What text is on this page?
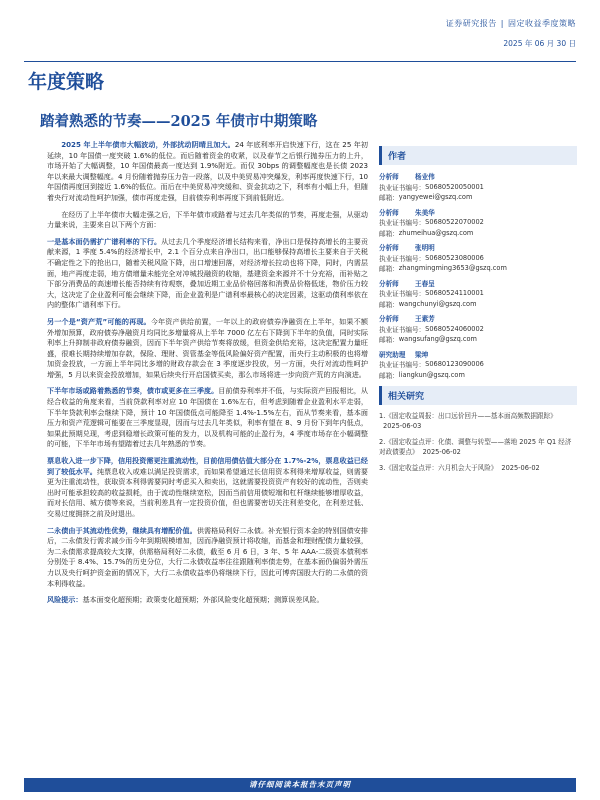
证券研究报告 | 固定收益季度策略
2025 年 06 月 30 日
年度策略
踏着熟悉的节奏——2025 年债市中期策略

2025 年上半年债市大幅波动，外部扰动阴晴且加大。24 年底利率开启快速下行，这在 25 年初延续，10 年国债一度突破 1.6%的低位。而后随着资金的收紧，以及春节之后银行抛券压力的上升，市场开始了大幅调整，10 年国债最高一度达到 1.9%附近。而仅 30bps 的调整幅度也是长债 2023 年以来最大调整幅度。4 月份随着抛券压力告一段落，以及中美贸易冲突爆发，利率再度快速下行，10 年国债再度回到接近 1.6%的低位。而后在中美贸易冲突缓和、资金抗动之下，利率有小幅上升，但随着央行对流动性呵护加强，债市再度走强，目前债券利率再度下到前低附近。

在经历了上半年债市大幅走强之后，下半年债市或路着与过去几年类似的节奏，再度走强，从驱动力量来说，主要来自以下两个方面：

一是基本面仍需扩广谱利率的下行。从过去几个季度经济增长结构来看，净出口是保持高增长的主要贡献来源，1 季度 5.4%的经济增长中，2.1 个百分点来自净出口，出口能够保持高增长主要来自于关税不确定性之下的抢出口，随着关税风险下降，出口增速回落，对经济增长拉动也将下降，同时，内需层面，地产再度走弱，地方债增量未能完全对冲城投融资的收缩，基建资金来源并不十分充裕，而补贴之下部分消费品的高速增长能否持续有待观察，叠加近期工业品价格回落和消费品价格低迷，物价压力较大，这决定了企业盈利可能会继续下降，而企业盈利是广谱利率最核心的决定因素，这驱动债利率依在内的整体广谱利率下行。

另一个是“资产荒”可能的再现。今年资产供给前置，一年以上的政府债券净融资在上半年，如果不额外增加预算，政府债券净融资月均同比多增量将从上半年 7000 亿左右下降到下半年的负值，同时实际利率上升抑制非政府债券融资，因而下半年资产供给节奏将放缓，但资金供给充裕，这决定配置力量旺盛，很难长期持续增加存款，保险、理财、资管基金等低风险偏好资产配置，而央行主动积极的也将增加资金投放，一方面上半年同比多增的财政存款会在 3 季度逐步投放，另一方面，央行对流动性呵护增强，5 月以来资金投放增加，如果后续央行开启国债买卖，那么市场将进一步向资产荒的方向演进。

下半年市场或路着熟悉的节奏，债市或更多在三季度。目前债券利率并不低，与实际资产回报相比，从经合收益的角度来看，当前贷款利率对应 10 年国债在 1.6%左右，但考虑到随着企业盈利水平走弱，下半年贷款利率会继续下降，预计 10 年国债低点可能降至 1.4%-1.5%左右，而从节奏来看，基本面压力和资产荒逻辑可能要在三季度显现，因而与过去几年类似，利率有望在 8、9 月份下到年内低点，如果此预期兑现，考虑到稳增长政策可能的发力，以及机构可能的止盈行为，4 季度市场存在小幅调整的可能，下半年市场有望踏着过去几年熟悉的节奏。

票息收入进一步下降，信用投资需更注重流动性，目前信用债估值大部分在 1.7%-2%，票息收益已经到了较低水平。纯票息收入或难以满足投资需求，而如果希望通过长信用资本利得来增厚收益，则需要更为注重流动性，获取资本利得需要同时考虑买入和卖出，这就需要投资资产有较好的流动性，否则卖出时可能承担较高的收益损耗，由于流动性继续宽松，因而当前信用债短端和杠杆继续能够增厚收益，而对长信用、城方债等来说，当前利差具有一定投资价值，但也需要密切关注利差变化，在利差过低、交易过度拥挤之前及时退出。

二永债由于其流动性优势，继续具有增配价值。供需格局利好二永债。补充银行资本金的特别国债安排后，二永债发行需求减少而今年到期规模增加，因而净融资预计将收缩，而基金和理财配债力量较强，为二永债需求提高较大支撑，供需格局利好二永债，截至 6 月 6 日，3 年、5 年 AAA-二级资本债利率分别处于 8.4%、15.7%的历史分位，大行二永债收益率往往跟随利率债走势，在基本面仍偏弱外需压力以及央行呵护资金面的情况下，大行二永债收益率仍将继续下行，因此可博弈国股大行的二永债的资本利得收益。

风险提示：基本面变化超预期；政策变化超预期；外部风险变化超预期；测算误差风险。

作者
分析师	杨业伟
执业证书编号： S0680520050001
邮箱： yangyewei@gszq.com
分析师	朱美华
执业证书编号： S0680522070002
邮箱： zhumeihua@gszq.com
分析师	张明明
执业证书编号： S0680523080006
邮箱： zhangmingming3653@gszq.com
分析师	王春呈
执业证书编号： S0680524110001
邮箱： wangchunyi@gszq.com
分析师	王素芳
执业证书编号： S0680524060002
邮箱： wangsufang@gszq.com
研究助理	梁坤
执业证书编号： S0680123090006
邮箱： liangkun@gszq.com
相关研究

1.《固定收益周报：出口远价回升——基本面高频数据跟踪》2025-06-03

2.《固定收益点评：化债、调整与转型——落地 2025 年 Q1 经济对政债要点》 2025-06-02

3.《固定收益点评：六月机会大于风险》 2025-06-02

请仔细阅读本报告末页声明
